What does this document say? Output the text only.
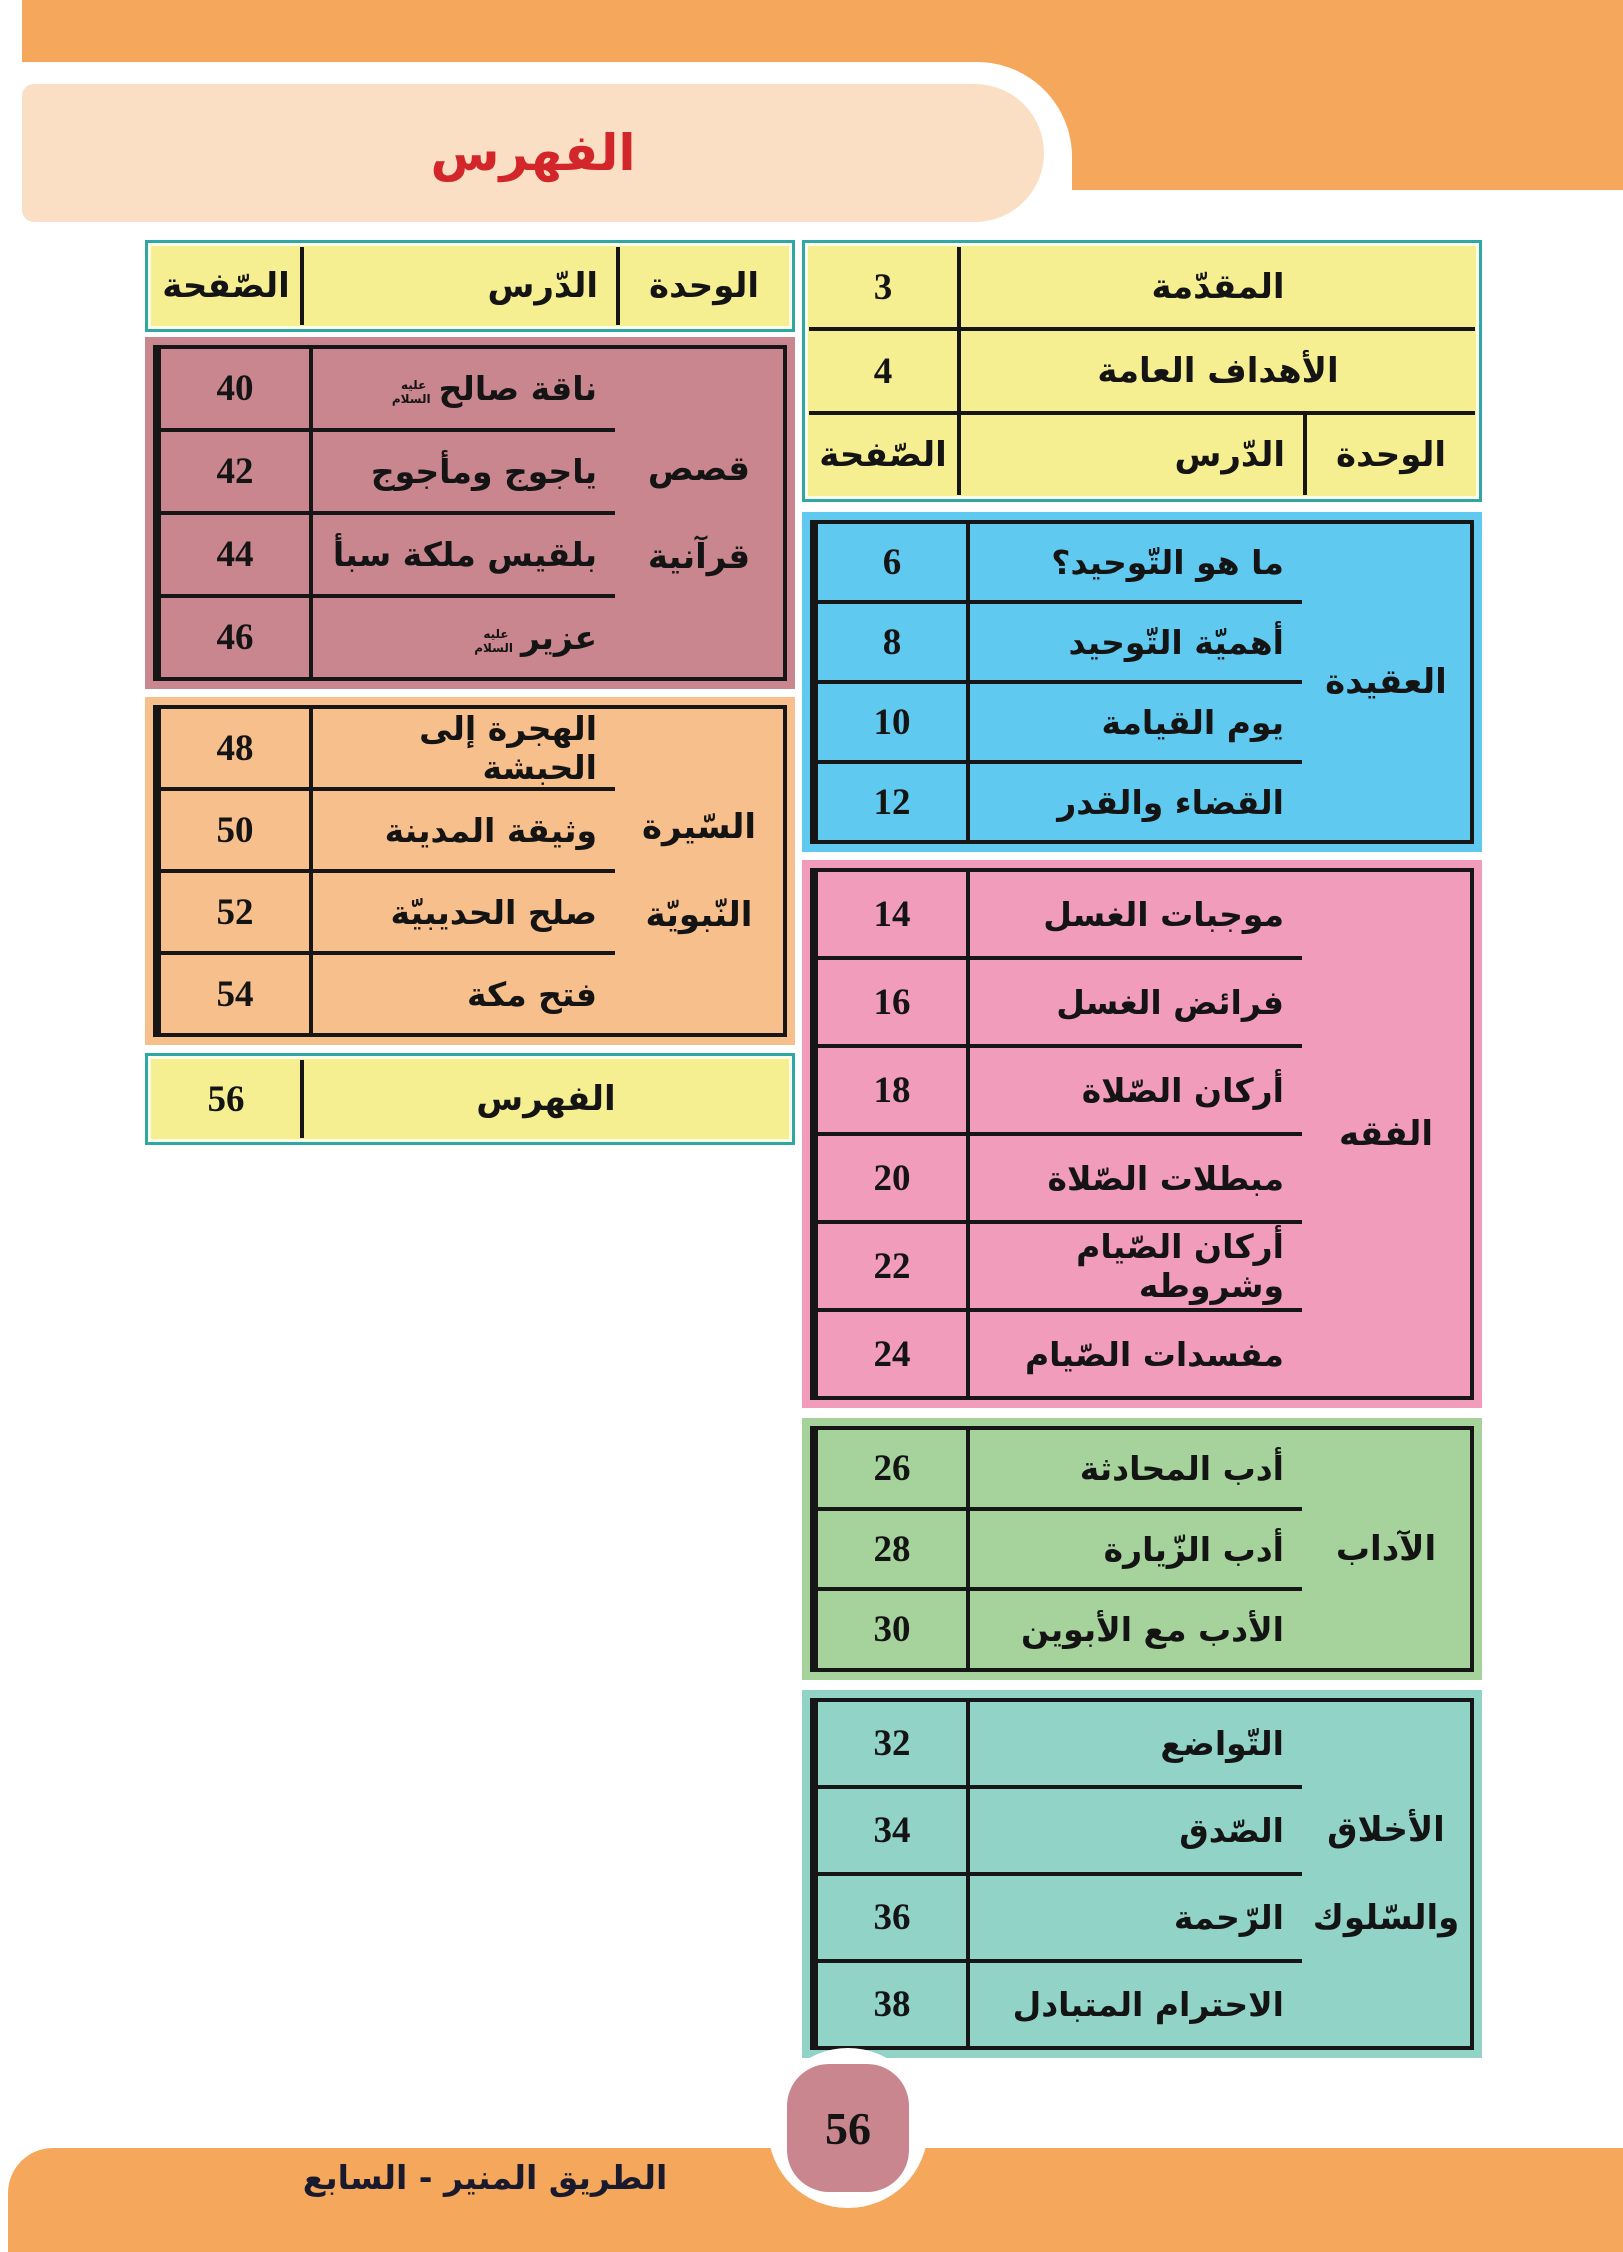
الفهرس
المقدّمة
3
الأهداف العامة
4
الوحدة
الدّرس
الصّفحة
العقيدة
ما هو التّوحيد؟
6
أهميّة التّوحيد
8
يوم القيامة
10
القضاء والقدر
12
الفقه
موجبات الغسل
14
فرائض الغسل
16
أركان الصّلاة
18
مبطلات الصّلاة
20
أركان الصّيام وشروطه
22
مفسدات الصّيام
24
الآداب
أدب المحادثة
26
أدب الزّيارة
28
الأدب مع الأبوين
30
الأخلاق والسّلوك
التّواضع
32
الصّدق
34
الرّحمة
36
الاحترام المتبادل
38
الوحدة
الدّرس
الصّفحة
قصص قرآنية
ناقة صالح
عليه السلام
40
ياجوج ومأجوج
42
بلقيس ملكة سبأ
44
عزير
عليه السلام
46
السّيرة النّبويّة
الهجرة إلى الحبشة
48
وثيقة المدينة
50
صلح الحديبيّة
52
فتح مكة
54
الفهرس
56
56
الطريق المنير - السابع
